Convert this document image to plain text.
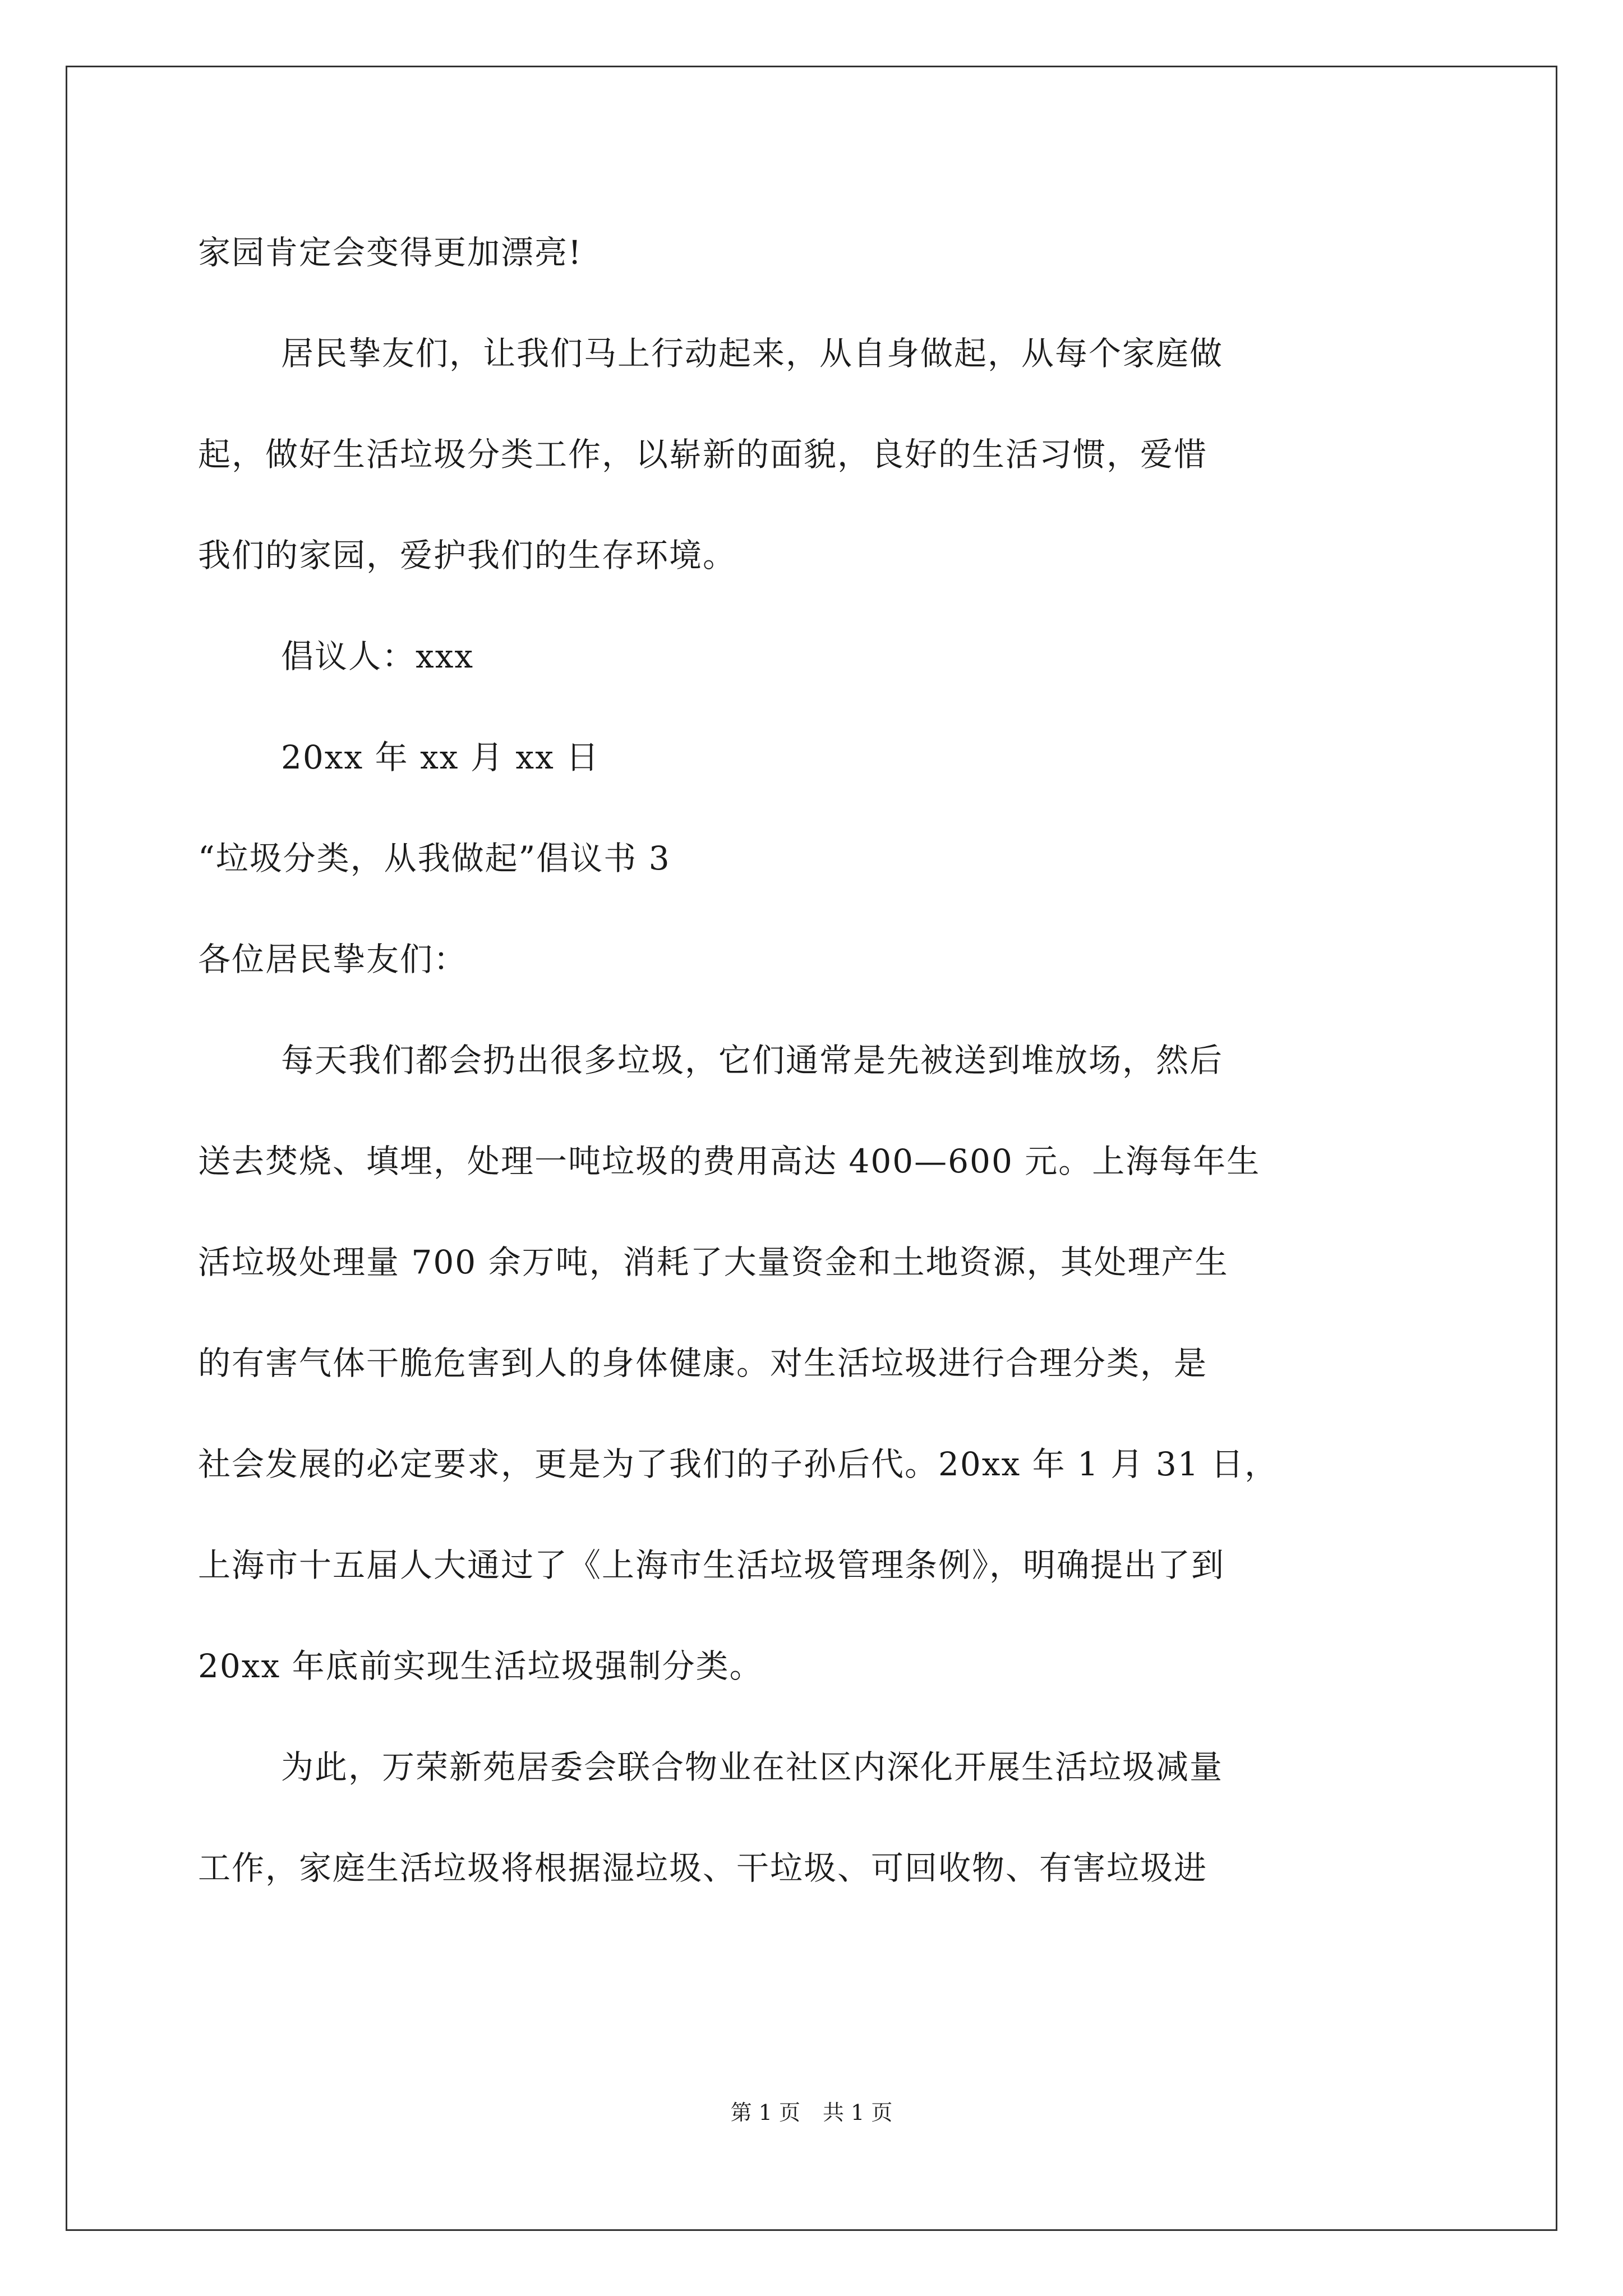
家园肯定会变得更加漂亮!
居民挚友们，让我们马上行动起来，从自身做起，从每个家庭做
起，做好生活垃圾分类工作，以崭新的面貌，良好的生活习惯，爱惜
我们的家园，爱护我们的生存环境。
倡议人：xxx
20xx 年 xx 月 xx 日
“垃圾分类，从我做起”倡议书 3
各位居民挚友们：
每天我们都会扔出很多垃圾，它们通常是先被送到堆放场，然后
送去焚烧、填埋，处理一吨垃圾的费用高达 400—600 元。上海每年生
活垃圾处理量 700 余万吨，消耗了大量资金和土地资源，其处理产生
的有害气体干脆危害到人的身体健康。对生活垃圾进行合理分类，是
社会发展的必定要求，更是为了我们的子孙后代。20xx 年 1 月 31 日，
上海市十五届人大通过了《上海市生活垃圾管理条例》，明确提出了到
20xx 年底前实现生活垃圾强制分类。
为此，万荣新苑居委会联合物业在社区内深化开展生活垃圾减量
工作，家庭生活垃圾将根据湿垃圾、干垃圾、可回收物、有害垃圾进
第 1 页 共 1 页
